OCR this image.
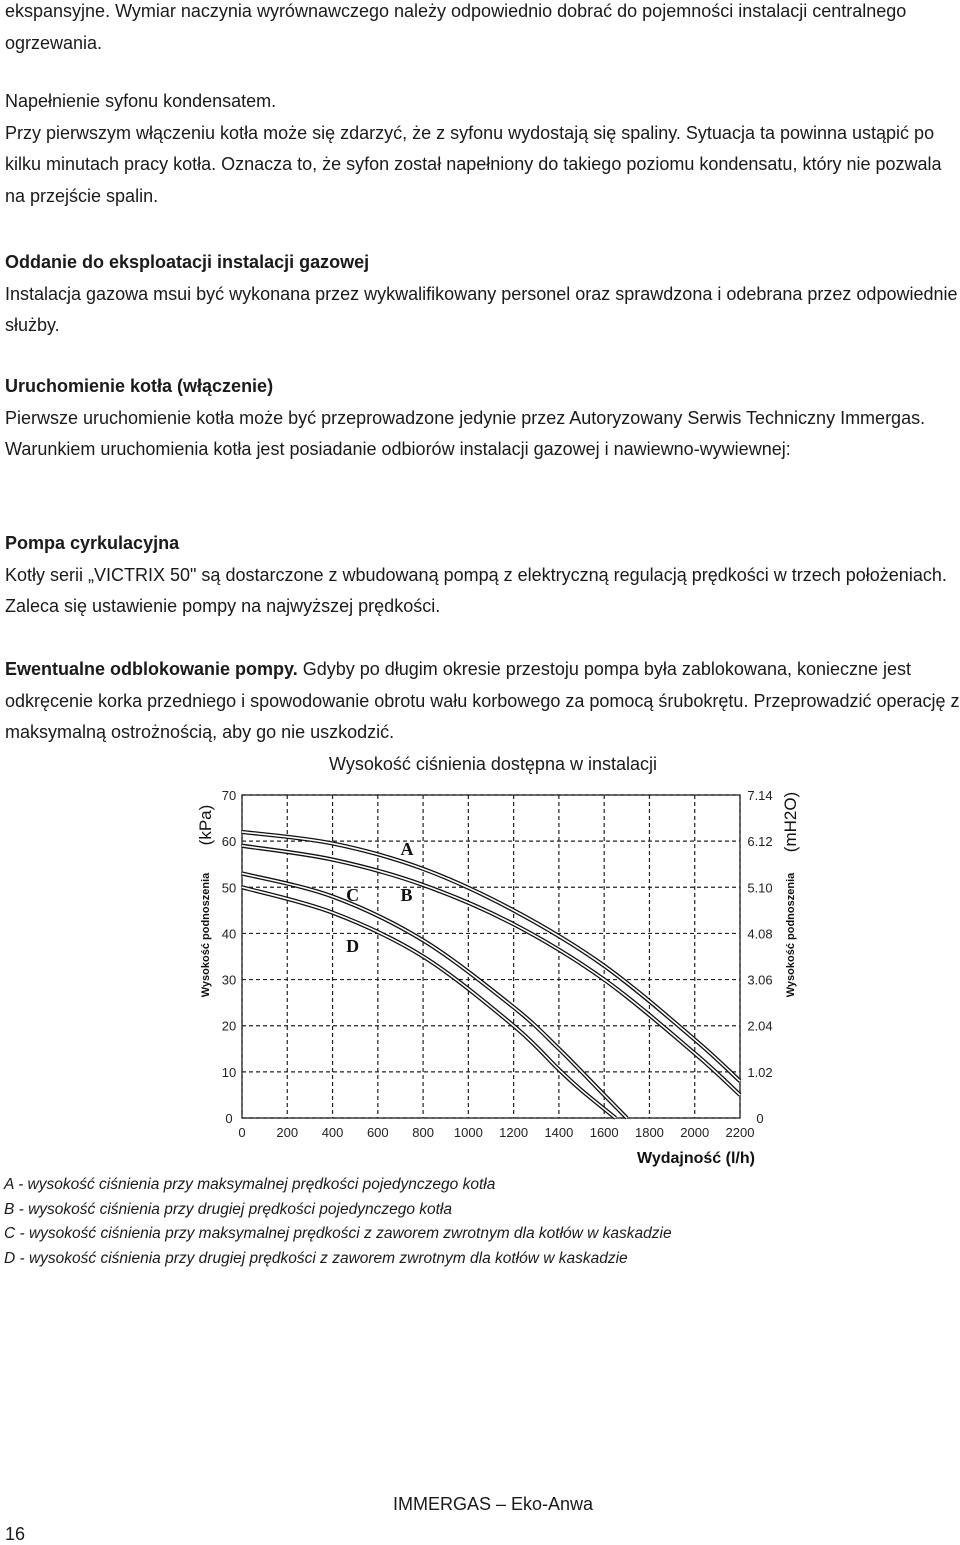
ekspansyjne. Wymiar naczynia wyrównawczego należy odpowiednio dobrać do pojemności instalacji centralnego ogrzewania.

Napełnienie syfonu kondensatem.
Przy pierwszym włączeniu kotła może się zdarzyć, że z syfonu wydostają się spaliny. Sytuacja ta powinna ustąpić po kilku minutach pracy kotła. Oznacza to, że syfon został napełniony do takiego poziomu kondensatu, który nie pozwala na przejście spalin.

Oddanie do eksploatacji instalacji gazowej
Instalacja gazowa msui być wykonana przez wykwalifikowany personel oraz sprawdzona i odebrana przez odpowiednie służby.

Uruchomienie kotła (włączenie)
Pierwsze uruchomienie kotła może być przeprowadzone jedynie przez Autoryzowany Serwis Techniczny Immergas. Warunkiem uruchomienia kotła jest posiadanie odbiorów instalacji gazowej i nawiewno-wywiewnej:

Pompa cyrkulacyjna
Kotły serii „VICTRIX 50" są dostarczone z wbudowaną pompą z elektryczną regulacją prędkości w trzech położeniach. Zaleca się ustawienie pompy na najwyższej prędkości.

Ewentualne odblokowanie pompy. Gdyby po długim okresie przestoju pompa była zablokowana, konieczne jest odkręcenie korka przedniego i spowodowanie obrotu wału korbowego za pomocą śrubokrętu. Przeprowadzić operację z maksymalną ostrożnością, aby go nie uszkodzić.

Wysokość ciśnienia dostępna w instalacji
0 200 400 600 800 1000 1200 1400 1600 1800 2000 2200
0	0
10	1.02
20	2.04
30	3.06
40	4.08
50	5.10
60	6.12
70	7.14
A
B
C
D
Wysokość podnoszenia
(kPa)
Wysokość podnoszenia
(mH2O)
Wydajność (l/h)
A - wysokość ciśnienia przy maksymalnej prędkości pojedynczego kotła
B - wysokość ciśnienia przy drugiej prędkości pojedynczego kotła
C - wysokość ciśnienia przy maksymalnej prędkości z zaworem zwrotnym dla kotłów w kaskadzie
D - wysokość ciśnienia przy drugiej prędkości z zaworem zwrotnym dla kotłów w kaskadzie
IMMERGAS – Eko-Anwa
16
